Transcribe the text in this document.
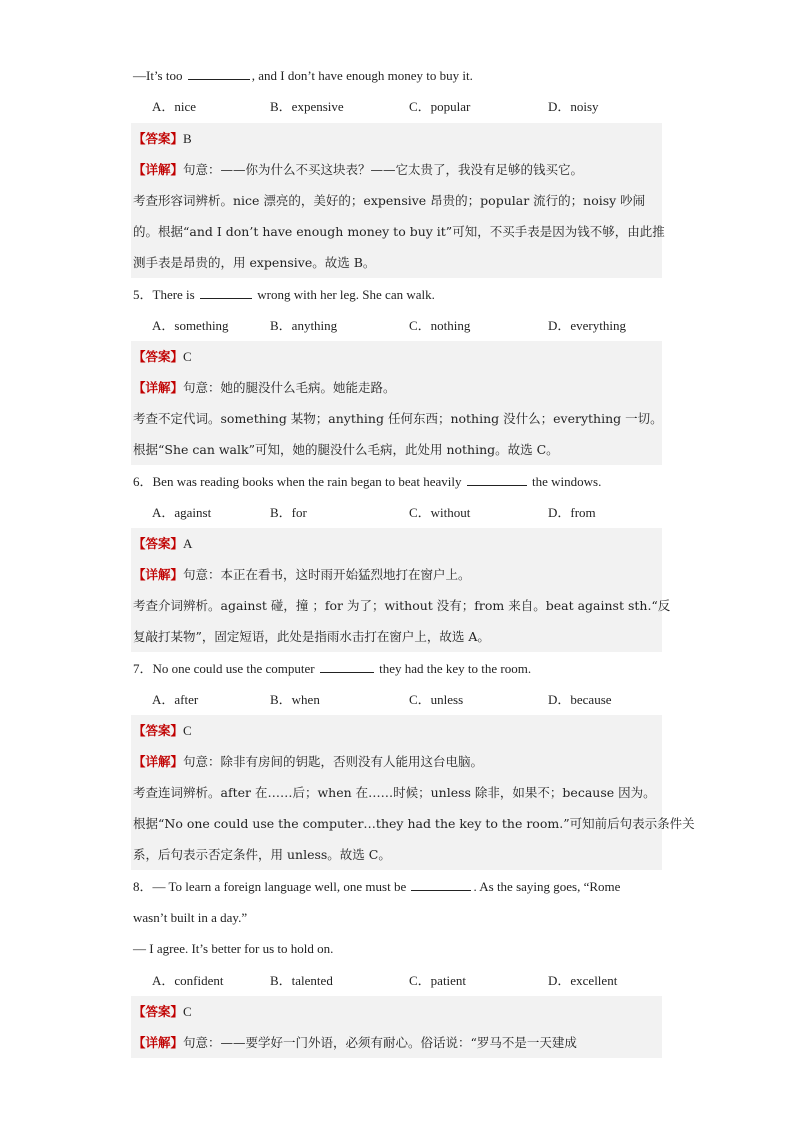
—It’s too	, and I don’t have enough money to buy it.
A．nice	B．expensive	C．popular	D．noisy
【答案】B
【详解】句意：——你为什么不买这块表？——它太贵了，我没有足够的钱买它。
考查形容词辨析。nice 漂亮的，美好的；expensive 昂贵的；popular 流行的；noisy 吵闹
的。根据“and I don’t have enough money to buy it”可知，不买手表是因为钱不够，由此推
测手表是昂贵的，用 expensive。故选 B。
5．There is	wrong with her leg. She can walk.
A．something	B．anything	C．nothing	D．everything
【答案】C
【详解】句意：她的腿没什么毛病。她能走路。
考查不定代词。something 某物；anything 任何东西；nothing 没什么；everything 一切。
根据“She can walk”可知，她的腿没什么毛病，此处用 nothing。故选 C。
6．Ben was reading books when the rain began to beat heavily	the windows.
A．against	B．for	C．without	D．from
【答案】A
【详解】句意：本正在看书，这时雨开始猛烈地打在窗户上。
考查介词辨析。against 碰，撞 ；for 为了；without 没有；from 来自。beat against sth.“反
复敲打某物”，固定短语，此处是指雨水击打在窗户上，故选 A。
7．No one could use the computer	they had the key to the room.
A．after	B．when	C．unless	D．because
【答案】C
【详解】句意：除非有房间的钥匙，否则没有人能用这台电脑。
考查连词辨析。after 在……后；when 在……时候；unless 除非，如果不；because 因为。
根据“No one could use the computer…they had the key to the room.”可知前后句表示条件关
系，后句表示否定条件，用 unless。故选 C。
8．— To learn a foreign language well, one must be	. As the saying goes, “Rome
wasn’t built in a day.”
— I agree. It’s better for us to hold on.
A．confident	B．talented	C．patient	D．excellent
【答案】C
【详解】句意：——要学好一门外语，必须有耐心。俗话说：“罗马不是一天建成
